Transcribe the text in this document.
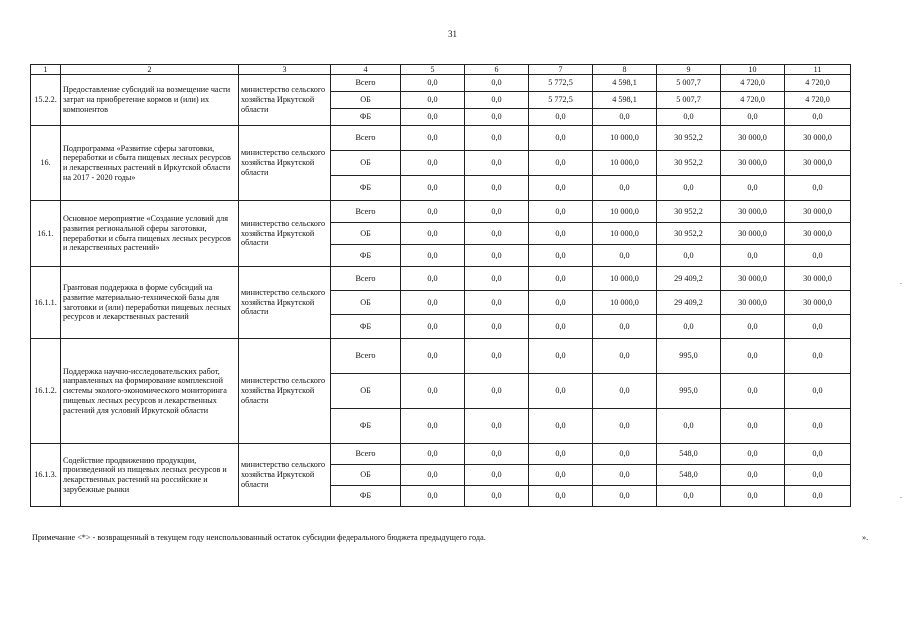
31
1	2	3	4	5	6	7	8	9	10	11
15.2.2.	Предоставление субсидий на возмещение части затрат на приобретение кормов и (или) их компонентов	министерство сельского хозяйства Иркутской области	Всего	0,0	0,0	5 772,5	4 598,1	5 007,7	4 720,0	4 720,0
			ОБ	0,0	0,0	5 772,5	4 598,1	5 007,7	4 720,0	4 720,0
			ФБ	0,0	0,0	0,0	0,0	0,0	0,0	0,0
16.	Подпрограмма «Развитие сферы заготовки, переработки и сбыта пищевых лесных ресурсов и лекарственных растений в Иркутской области на 2017 - 2020 годы»	министерство сельского хозяйства Иркутской области	Всего	0,0	0,0	0,0	10 000,0	30 952,2	30 000,0	30 000,0
			ОБ	0,0	0,0	0,0	10 000,0	30 952,2	30 000,0	30 000,0
			ФБ	0,0	0,0	0,0	0,0	0,0	0,0	0,0
16.1.	Основное мероприятие «Создание условий для развития региональной сферы заготовки, переработки и сбыта пищевых лесных ресурсов и лекарственных растений»	министерство сельского хозяйства Иркутской области	Всего	0,0	0,0	0,0	10 000,0	30 952,2	30 000,0	30 000,0
			ОБ	0,0	0,0	0,0	10 000,0	30 952,2	30 000,0	30 000,0
			ФБ	0,0	0,0	0,0	0,0	0,0	0,0	0,0
16.1.1.	Грантовая поддержка в форме субсидий на развитие материально-технической базы для заготовки и (или) переработки пищевых лесных ресурсов и лекарственных растений	министерство сельского хозяйства Иркутской области	Всего	0,0	0,0	0,0	10 000,0	29 409,2	30 000,0	30 000,0
			ОБ	0,0	0,0	0,0	10 000,0	29 409,2	30 000,0	30 000,0
			ФБ	0,0	0,0	0,0	0,0	0,0	0,0	0,0
16.1.2.	Поддержка научно-исследовательских работ, направленных на формирование комплексной системы эколого-экономического мониторинга пищевых лесных ресурсов и лекарственных растений для условий Иркутской области	министерство сельского хозяйства Иркутской области	Всего	0,0	0,0	0,0	0,0	995,0	0,0	0,0
			ОБ	0,0	0,0	0,0	0,0	995,0	0,0	0,0
			ФБ	0,0	0,0	0,0	0,0	0,0	0,0	0,0
16.1.3.	Содействие продвижению продукции, произведенной из пищевых лесных ресурсов и лекарственных растений на российские и зарубежные рынки	министерство сельского хозяйства Иркутской области	Всего	0,0	0,0	0,0	0,0	548,0	0,0	0,0
			ОБ	0,0	0,0	0,0	0,0	548,0	0,0	0,0
			ФБ	0,0	0,0	0,0	0,0	0,0	0,0	0,0
Примечание <*> - возвращенный в текущем году неиспользованный остаток субсидии федерального бюджета предыдущего года.	».
